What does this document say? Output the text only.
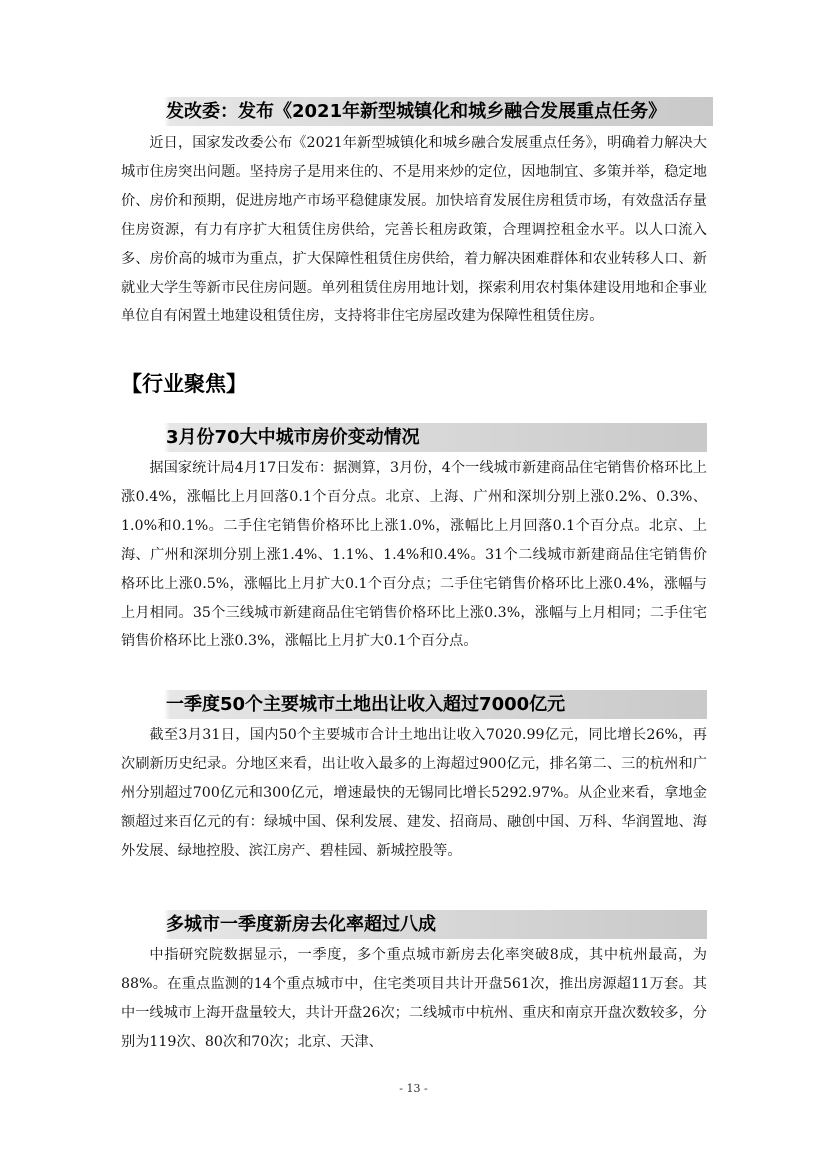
发改委：发布《2021年新型城镇化和城乡融合发展重点任务》

近日，国家发改委公布《2021年新型城镇化和城乡融合发展重点任务》，明确着力解决大城市住房突出问题。坚持房子是用来住的、不是用来炒的定位，因地制宜、多策并举，稳定地价、房价和预期，促进房地产市场平稳健康发展。加快培育发展住房租赁市场，有效盘活存量住房资源，有力有序扩大租赁住房供给，完善长租房政策，合理调控租金水平。以人口流入多、房价高的城市为重点，扩大保障性租赁住房供给，着力解决困难群体和农业转移人口、新就业大学生等新市民住房问题。单列租赁住房用地计划，探索利用农村集体建设用地和企事业单位自有闲置土地建设租赁住房，支持将非住宅房屋改建为保障性租赁住房。

【行业聚焦】
3月份70大中城市房价变动情况

据国家统计局4月17日发布：据测算，3月份，4个一线城市新建商品住宅销售价格环比上涨0.4%，涨幅比上月回落0.1个百分点。北京、上海、广州和深圳分别上涨0.2%、0.3%、1.0%和0.1%。二手住宅销售价格环比上涨1.0%，涨幅比上月回落0.1个百分点。北京、上海、广州和深圳分别上涨1.4%、1.1%、1.4%和0.4%。31个二线城市新建商品住宅销售价格环比上涨0.5%，涨幅比上月扩大0.1个百分点；二手住宅销售价格环比上涨0.4%，涨幅与上月相同。35个三线城市新建商品住宅销售价格环比上涨0.3%，涨幅与上月相同；二手住宅销售价格环比上涨0.3%，涨幅比上月扩大0.1个百分点。

一季度50个主要城市土地出让收入超过7000亿元

截至3月31日，国内50个主要城市合计土地出让收入7020.99亿元，同比增长26%，再次刷新历史纪录。分地区来看，出让收入最多的上海超过900亿元，排名第二、三的杭州和广州分别超过700亿元和300亿元，增速最快的无锡同比增长5292.97%。从企业来看，拿地金额超过来百亿元的有：绿城中国、保利发展、建发、招商局、融创中国、万科、华润置地、海外发展、绿地控股、滨江房产、碧桂园、新城控股等。

多城市一季度新房去化率超过八成

中指研究院数据显示，一季度，多个重点城市新房去化率突破8成，其中杭州最高，为88%。在重点监测的14个重点城市中，住宅类项目共计开盘561次，推出房源超11万套。其中一线城市上海开盘量较大，共计开盘26次；二线城市中杭州、重庆和南京开盘次数较多，分别为119次、80次和70次；北京、天津、

- 13 -
